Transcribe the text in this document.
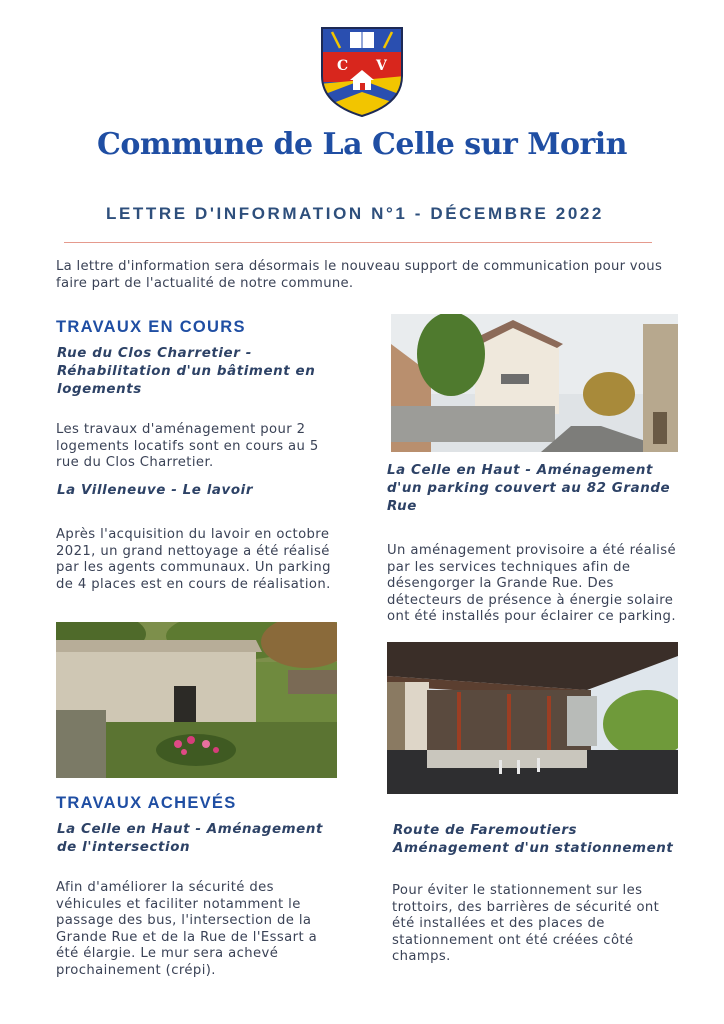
C V
Commune de La Celle sur Morin
LETTRE D'INFORMATION N°1 - DÉCEMBRE 2022
La lettre d'information sera désormais le nouveau support de communication pour vous faire part de l'actualité de notre commune.
TRAVAUX EN COURS
Rue du Clos Charretier - Réhabilitation d'un bâtiment en logements
Les travaux d'aménagement pour 2 logements locatifs sont en cours au 5 rue du Clos Charretier.
La Villeneuve - Le lavoir
Après l'acquisition du lavoir en octobre 2021, un grand nettoyage a été réalisé par les agents communaux. Un parking de 4 places est en cours de réalisation.
La Celle en Haut - Aménagement d'un parking couvert au 82 Grande Rue
Un aménagement provisoire a été réalisé par les services techniques afin de désengorger la Grande Rue. Des détecteurs de présence à énergie solaire ont été installés pour éclairer ce parking.
TRAVAUX ACHEVÉS
La Celle en Haut - Aménagement de l'intersection
Afin d'améliorer la sécurité des véhicules et faciliter notamment le passage des bus, l'intersection de la Grande Rue et de la Rue de l'Essart a été élargie. Le mur sera achevé prochainement (crépi).
Route de Faremoutiers Aménagement d'un stationnement
Pour éviter le stationnement sur les trottoirs, des barrières de sécurité ont été installées et des places de stationnement ont été créées côté champs.
